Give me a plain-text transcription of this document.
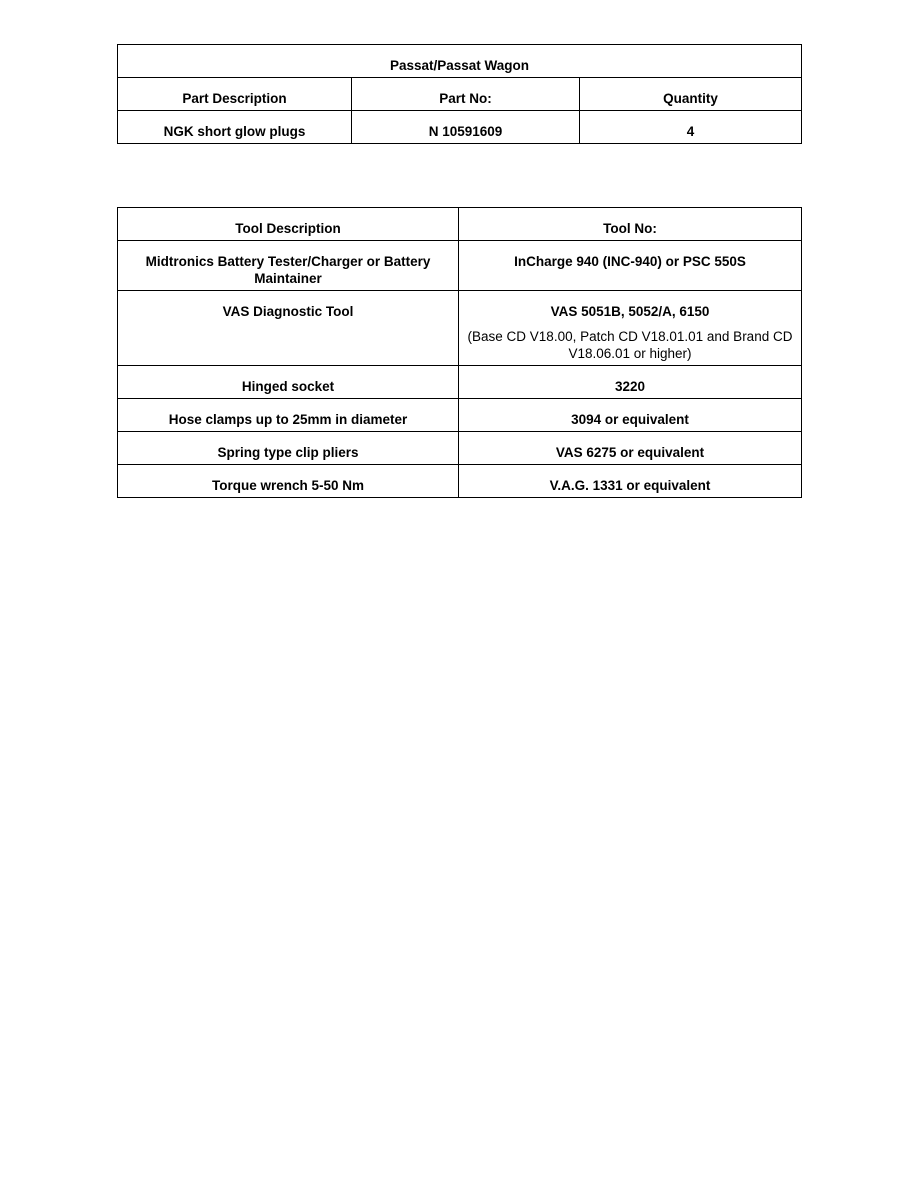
Passat/Passat Wagon		

Part Description	Part No:	Quantity

NGK short glow plugs	N 10591609	4
Tool Description	Tool No:
Midtronics Battery Tester/Charger or Battery Maintainer	InCharge 940 (INC-940) or PSC 550S
VAS Diagnostic Tool	VAS 5051B, 5052/A, 6150
(Base CD V18.00, Patch CD V18.01.01 and Brand CD V18.06.01 or higher)

Hinged socket	3220
Hose clamps up to 25mm in diameter	3094 or equivalent
Spring type clip pliers	VAS 6275 or equivalent
Torque wrench 5-50 Nm	V.A.G. 1331 or equivalent
